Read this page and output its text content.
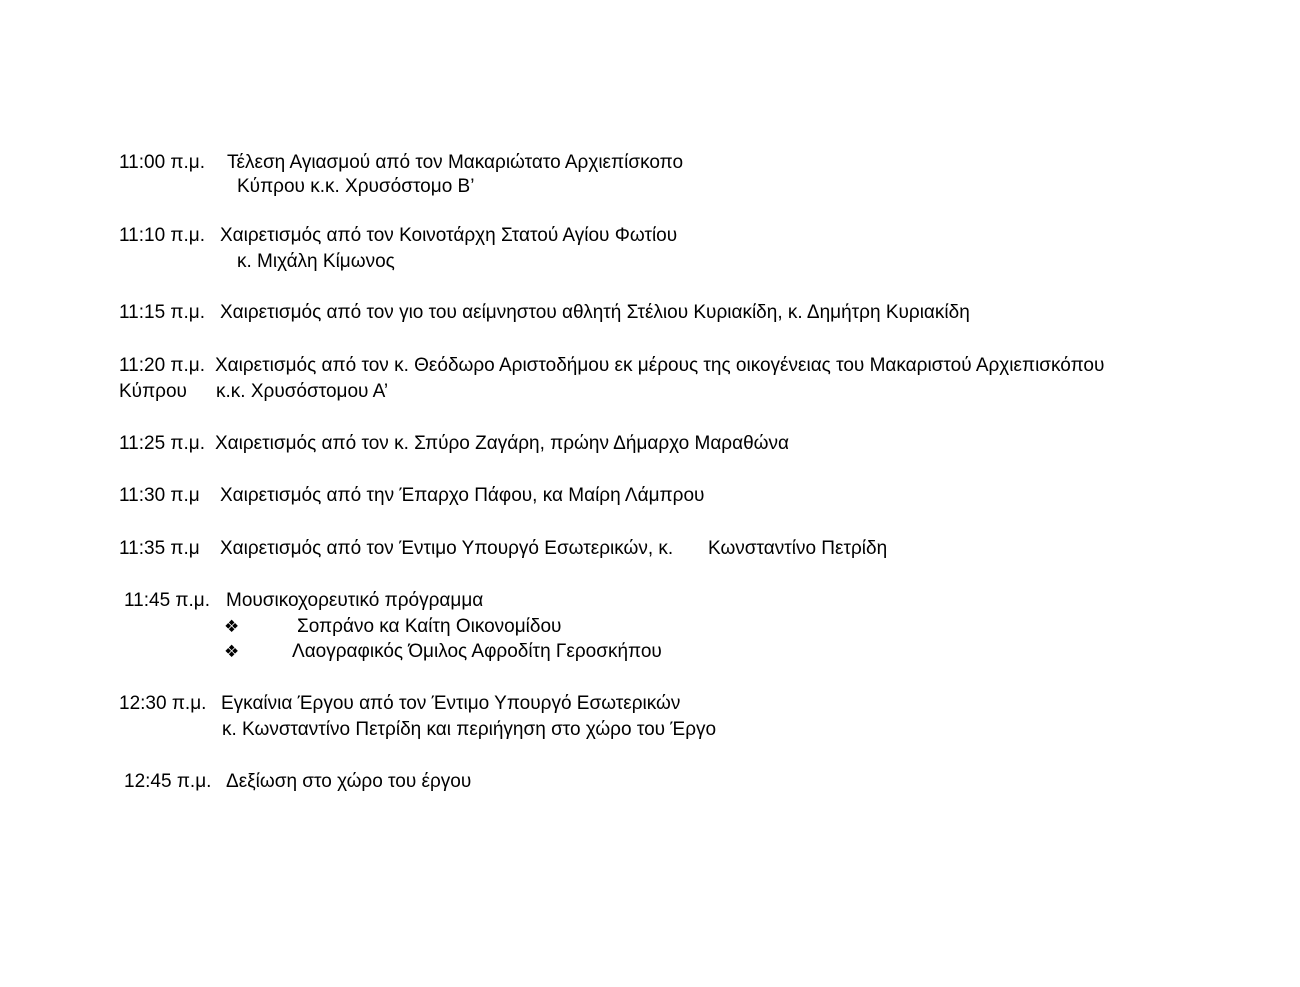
11:00 π.μ. Τέλεση Αγιασμού από τον Μακαριώτατο Αρχιεπίσκοπο
Κύπρου κ.κ. Χρυσόστομο Β’
11:10 π.μ. Χαιρετισμός από τον Κοινοτάρχη Στατού Αγίου Φωτίου
κ. Μιχάλη Κίμωνος
11:15 π.μ. Χαιρετισμός από τον γιο του αείμνηστου αθλητή Στέλιου Κυριακίδη, κ. Δημήτρη Κυριακίδη
11:20 π.μ. Χαιρετισμός από τον κ. Θεόδωρο Αριστοδήμου εκ μέρους της οικογένειας του Μακαριστού Αρχιεπισκόπου
Κύπρου κ.κ. Χρυσόστομου Α’
11:25 π.μ. Χαιρετισμός από τον κ. Σπύρο Ζαγάρη, πρώην Δήμαρχο Μαραθώνα
11:30 π.μ Χαιρετισμός από την Έπαρχο Πάφου, κα Μαίρη Λάμπρου
11:35 π.μ Χαιρετισμός από τον Έντιμο Υπουργό Εσωτερικών, κ. Κωνσταντίνο Πετρίδη
11:45 π.μ. Μουσικοχορευτικό πρόγραμμα
❖	Σοπράνο κα Καίτη Οικονομίδου
❖	Λαογραφικός Όμιλος Αφροδίτη Γεροσκήπου
12:30 π.μ. Εγκαίνια Έργου από τον Έντιμο Υπουργό Εσωτερικών
κ. Κωνσταντίνο Πετρίδη και περιήγηση στο χώρο του Έργο
12:45 π.μ. Δεξίωση στο χώρο του έργου
